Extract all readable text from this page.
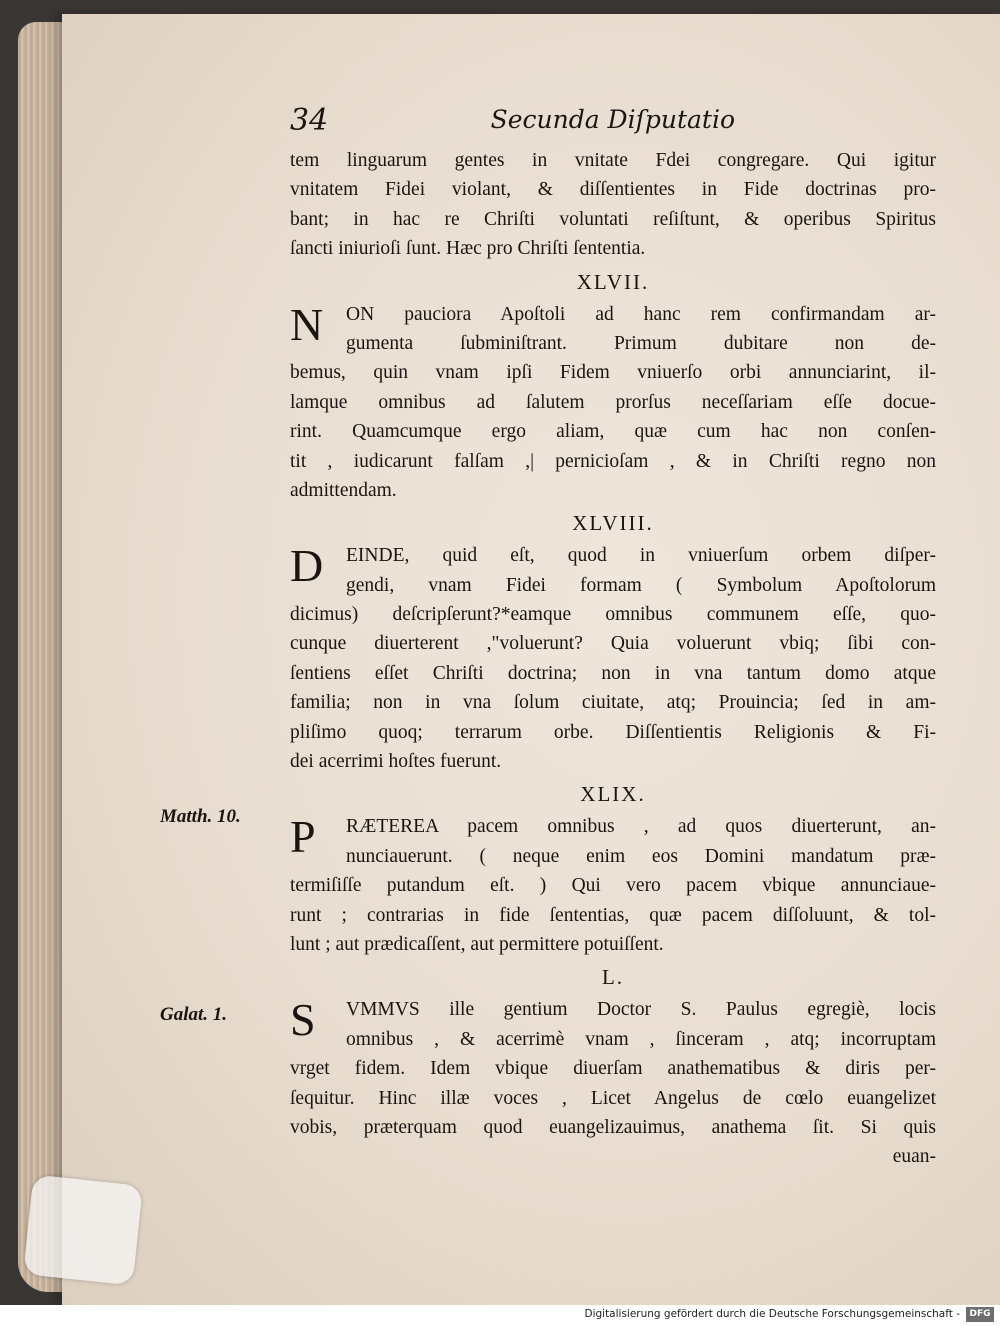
34	Secunda Diſputatio
tem linguarum gentes in vnitate Fdei congregare. Qui igitur
vnitatem Fidei violant, & diſſentientes in Fide doctrinas pro-
bant; in hac re Chriſti voluntati reſiſtunt, & operibus Spiritus
ſancti iniurioſi ſunt. Hæc pro Chriſti ſententia.
XLVII.
N	ON pauciora Apoſtoli ad hanc rem confirmandam ar-
gumenta ſubminiſtrant. Primum dubitare non de-
bemus, quin vnam ipſi Fidem vniuerſo orbi annunciarint, il-
lamque omnibus ad ſalutem prorſus neceſſariam eſſe docue-
rint. Quamcumque ergo aliam, quæ cum hac non conſen-
tit , iudicarunt falſam ,| pernicioſam , & in Chriſti regno non
admittendam.
XLVIII.
D	EINDE, quid eſt, quod in vniuerſum orbem diſper-
gendi, vnam Fidei formam ( Symbolum Apoſtolorum
dicimus) deſcripſerunt?*eamque omnibus communem eſſe, quo-
cunque diuerterent ,"voluerunt? Quia voluerunt vbiq; ſibi con-
ſentiens eſſet Chriſti doctrina; non in vna tantum domo atque
familia; non in vna ſolum ciuitate, atq; Prouincia; ſed in am-
pliſimo quoq; terrarum orbe. Diſſentientis Religionis & Fi-
dei acerrimi hoſtes fuerunt.
XLIX.
P	RÆTEREA pacem omnibus , ad quos diuerterunt, an-
nunciauerunt. ( neque enim eos Domini mandatum præ-
termiſiſſe putandum eſt. ) Qui vero pacem vbique annunciaue-
runt ; contrarias in fide ſententias, quæ pacem diſſoluunt, & tol-
lunt ; aut prædicaſſent, aut permittere potuiſſent.
L.
S	VMMVS ille gentium Doctor S. Paulus egregiè, locis
omnibus , & acerrimè vnam , ſinceram , atq; incorruptam
vrget fidem. Idem vbique diuerſam anathematibus & diris per-
ſequitur. Hinc illæ voces , Licet Angelus de cœlo euangelizet
vobis, præterquam quod euangelizauimus, anathema ſit. Si quis
euan-
Matth. 10.
Galat. 1.
Digitalisierung gefördert durch die Deutsche Forschungsgemeinschaft -	DFG
